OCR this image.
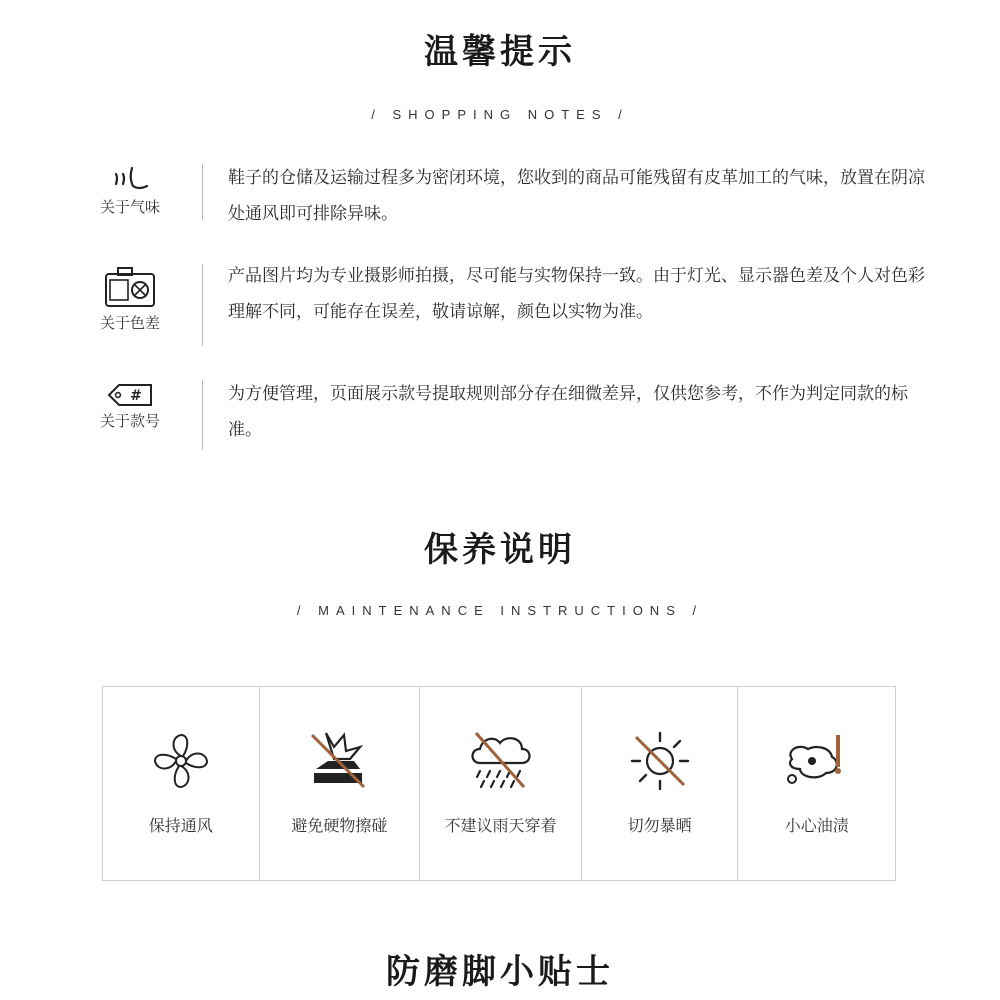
温馨提示
/ SHOPPING NOTES /
关于气味
鞋子的仓储及运输过程多为密闭环境，您收到的商品可能残留有皮革加工的气味，放置在阴凉处通风即可排除异味。
关于色差
产品图片均为专业摄影师拍摄，尽可能与实物保持一致。由于灯光、显示器色差及个人对色彩理解不同，可能存在误差，敬请谅解，颜色以实物为准。
#
关于款号
为方便管理，页面展示款号提取规则部分存在细微差异，仅供您参考，不作为判定同款的标准。
保养说明
/ MAINTENANCE INSTRUCTIONS /
保持通风	避免硬物擦碰	不建议雨天穿着	切勿暴晒	小心油渍
防磨脚小贴士
